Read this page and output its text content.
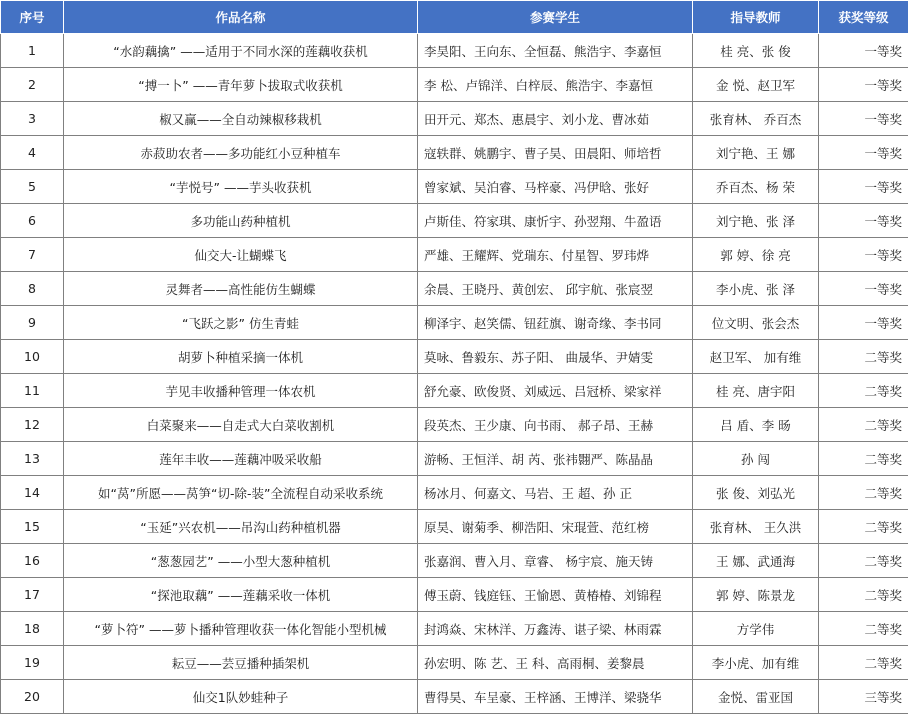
序号	作品名称	参赛学生	指导教师	获奖等级
1	“水韵藕擒” ——适用于不同水深的莲藕收获机	李昊阳、王向东、全恒磊、熊浩宇、李嘉恒	桂 亮、张 俊	一等奖
2	“搏一卜” ——青年萝卜拔取式收获机	李 松、卢锦洋、白梓辰、熊浩宇、李嘉恒	金 悦、赵卫军	一等奖
3	椒又赢——全自动辣椒移栽机	田开元、郑杰、惠晨宇、刘小龙、曹冰茹	张育林、 乔百杰	一等奖
4	赤菽助农者——多功能红小豆种植车	寇轶群、姚鹏宇、曹子昊、田晨阳、师培哲	刘宁艳、王 娜	一等奖
5	“芋悦号” ——芋头收获机	曾家斌、吴泊睿、马梓豪、冯伊晗、张好	乔百杰、杨 荣	一等奖
6	多功能山药种植机	卢斯佳、符家琪、康忻宇、孙翌翔、牛盈语	刘宁艳、张 泽	一等奖
7	仙交大-让蝴蝶飞	严雄、王耀辉、党瑞东、付星智、罗玮烨	郭 婷、徐 亮	一等奖
8	灵舞者——高性能仿生蝴蝶	余晨、王晓丹、黄创宏、 邱宇航、张宸翌	李小虎、张 泽	一等奖
9	“飞跃之影” 仿生青蛙	柳泽宇、赵笑儒、钮荭旗、谢奇缘、李书同	位文明、张会杰	一等奖
10	胡萝卜种植采摘一体机	莫咏、鲁毅东、苏子阳、 曲晟华、尹婧雯	赵卫军、 加有维	二等奖
11	芋见丰收播种管理一体农机	舒允豪、欧俊贤、刘威远、吕冠桥、梁家祥	桂 亮、唐宇阳	二等奖
12	白菜聚来——自走式大白菜收割机	段英杰、王少康、向书雨、 郝子昂、王赫	吕 盾、李 旸	二等奖
13	莲年丰收——莲藕冲吸采收船	游畅、王恒洋、胡 芮、张祎翾严、陈晶晶	孙 闯	二等奖
14	如“莴”所愿——莴笋“切-除-装”全流程自动采收系统	杨冰月、何嘉文、马岩、王 超、孙 正	张 俊、刘弘光	二等奖
15	“玉延”兴农机——吊沟山药种植机器	原昊、谢菊季、柳浩阳、宋琨萱、范红榜	张育林、 王久洪	二等奖
16	“葱葱园艺” ——小型大葱种植机	张嘉润、曹入月、章睿、 杨宇宸、施天铸	王 娜、武通海	二等奖
17	“探池取藕” ——莲藕采收一体机	傅玉蔚、钱庭钰、王愉恩、黄椿椿、刘锦程	郭 婷、陈景龙	二等奖
18	“萝卜符” ——萝卜播种管理收获一体化智能小型机械	封鸿焱、宋林洋、万鑫涛、谌子梁、林雨霖	方学伟	二等奖
19	耘豆——芸豆播种插架机	孙宏明、陈 艺、王 科、高雨桐、姜黎晨	李小虎、加有维	二等奖
20	仙交1队妙蛙种子	曹得昊、车呈豪、王梓涵、王博洋、梁骁华	金悦、雷亚国	三等奖
